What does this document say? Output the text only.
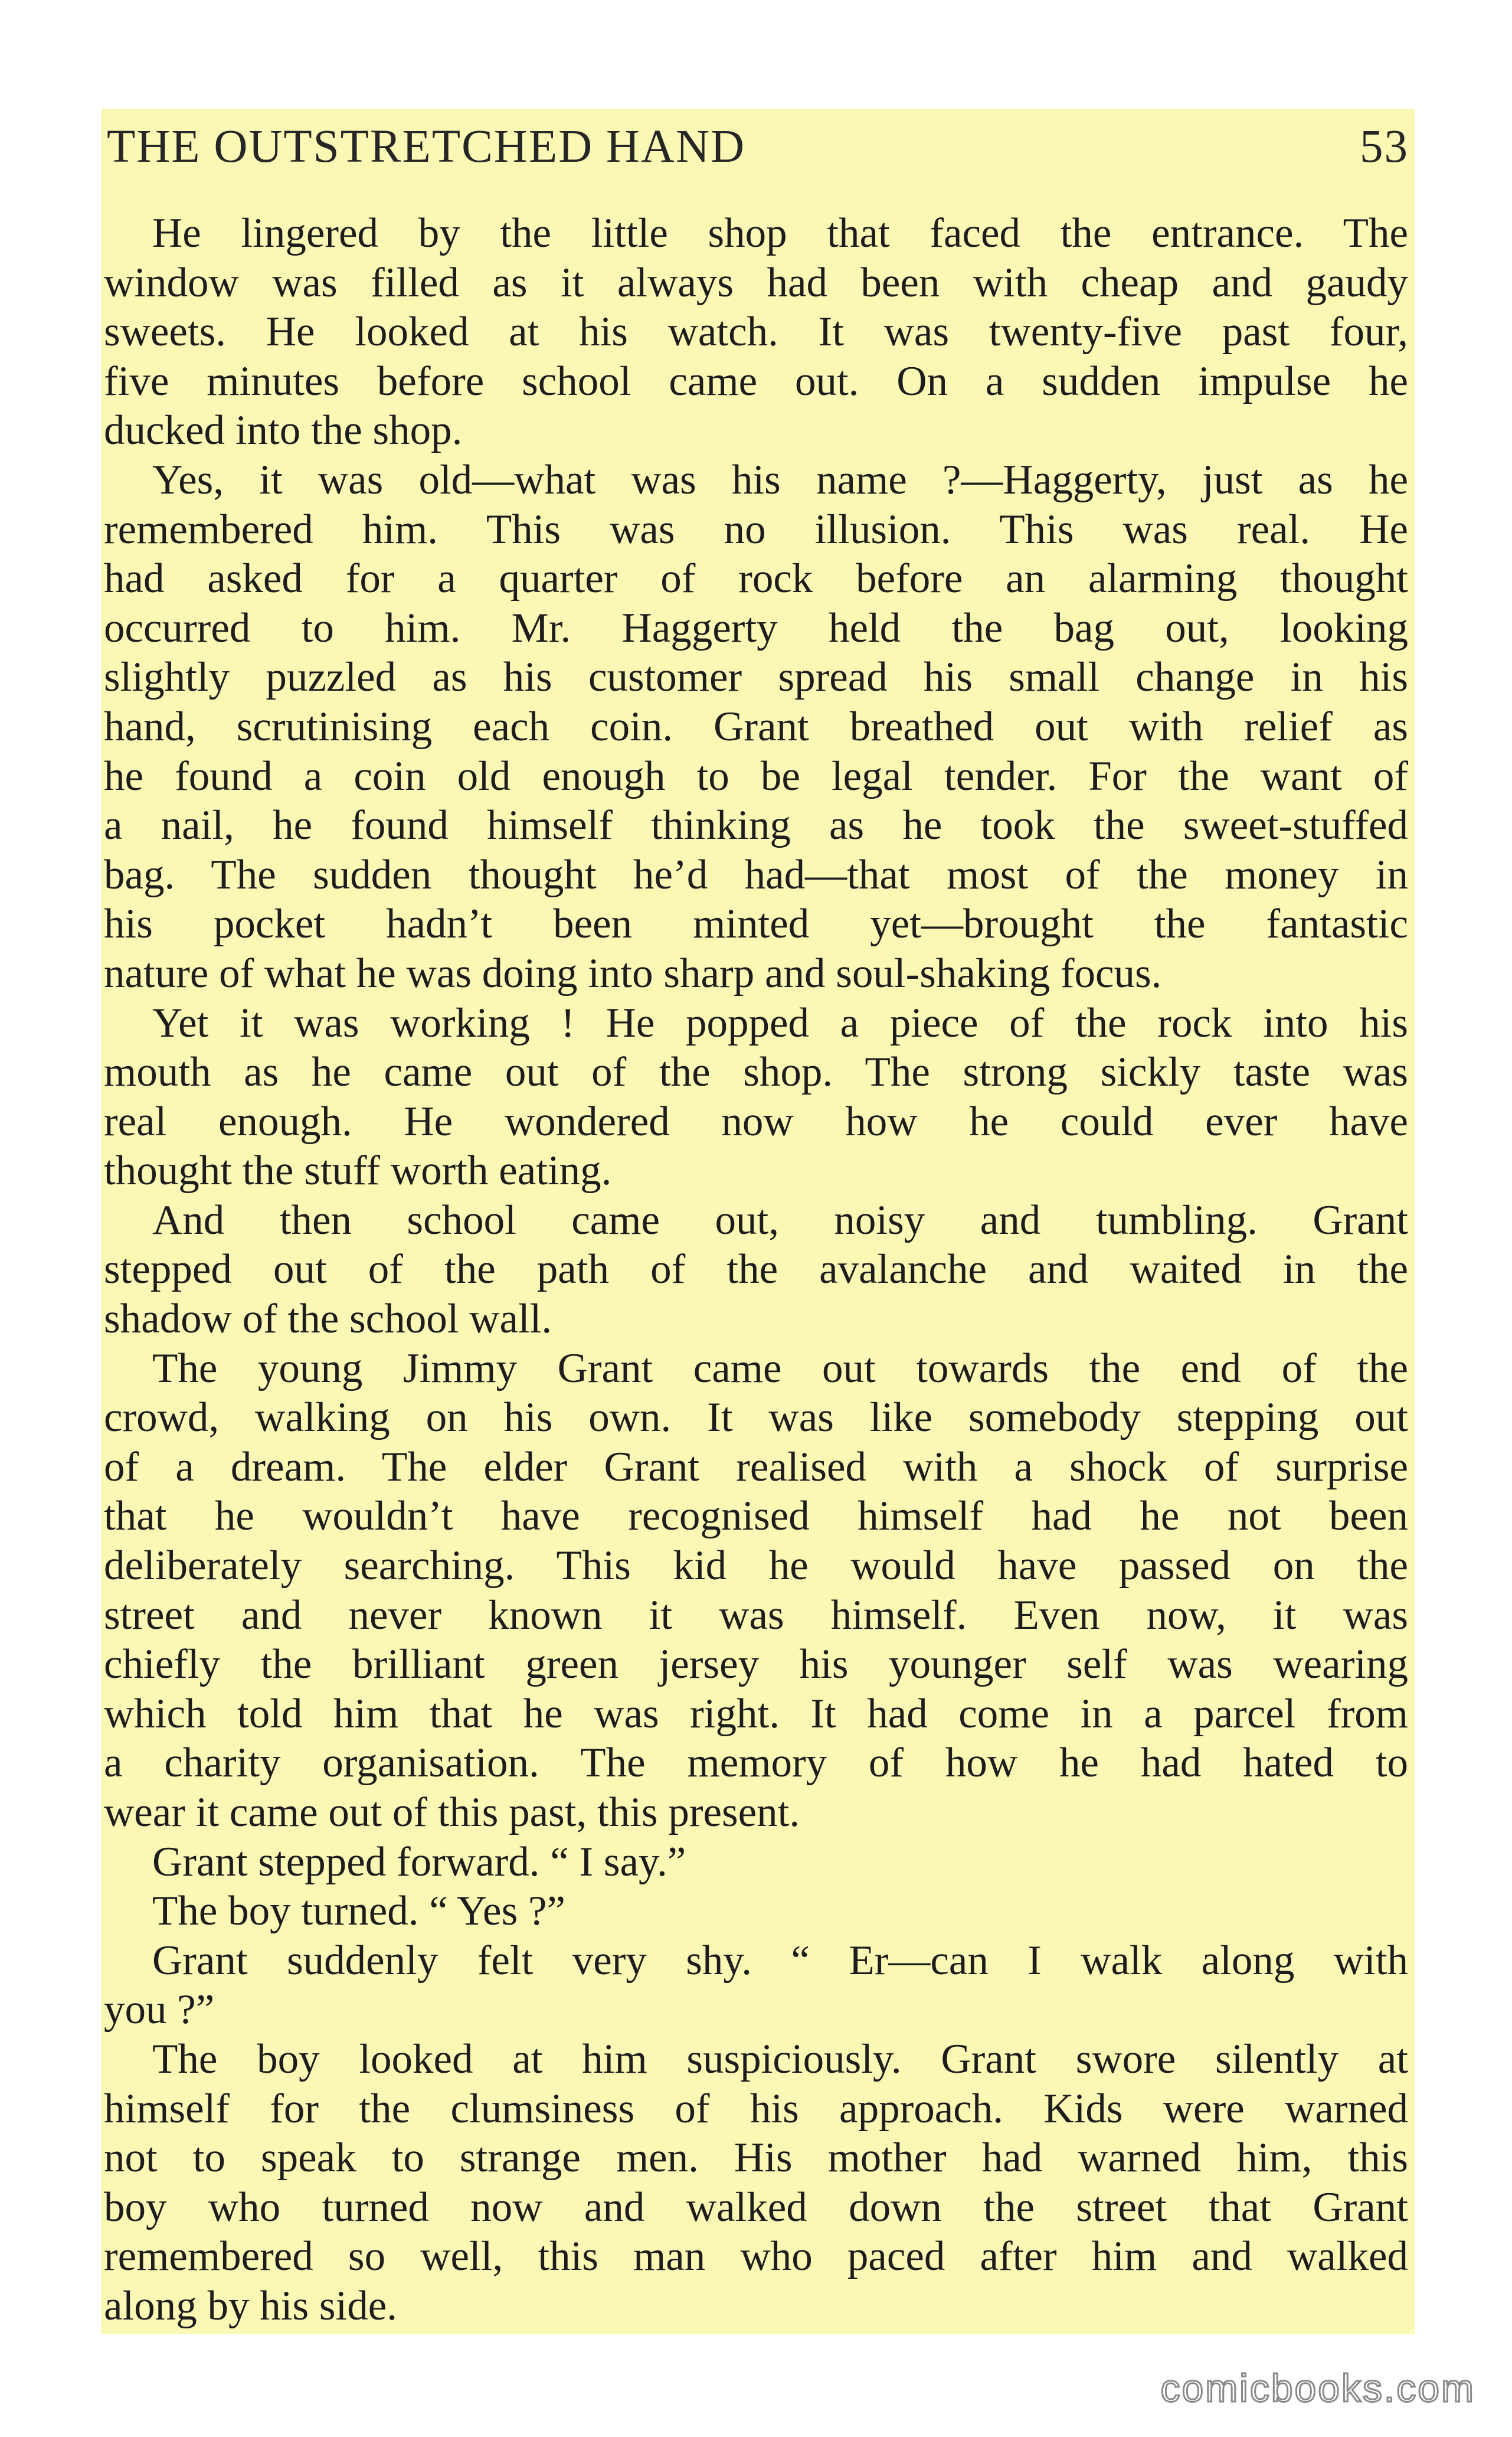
THE OUTSTRETCHED HAND	53
He lingered by the little shop that faced the entrance. The
window was filled as it always had been with cheap and gaudy
sweets. He looked at his watch. It was twenty-five past four,
five minutes before school came out. On a sudden impulse he
ducked into the shop.
Yes, it was old—what was his name ?—Haggerty, just as he
remembered him. This was no illusion. This was real. He
had asked for a quarter of rock before an alarming thought
occurred to him. Mr. Haggerty held the bag out, looking
slightly puzzled as his customer spread his small change in his
hand, scrutinising each coin. Grant breathed out with relief as
he found a coin old enough to be legal tender. For the want of
a nail, he found himself thinking as he took the sweet-stuffed
bag. The sudden thought he’d had—that most of the money in
his pocket hadn’t been minted yet—brought the fantastic
nature of what he was doing into sharp and soul-shaking focus.
Yet it was working ! He popped a piece of the rock into his
mouth as he came out of the shop. The strong sickly taste was
real enough. He wondered now how he could ever have
thought the stuff worth eating.
And then school came out, noisy and tumbling. Grant
stepped out of the path of the avalanche and waited in the
shadow of the school wall.
The young Jimmy Grant came out towards the end of the
crowd, walking on his own. It was like somebody stepping out
of a dream. The elder Grant realised with a shock of surprise
that he wouldn’t have recognised himself had he not been
deliberately searching. This kid he would have passed on the
street and never known it was himself. Even now, it was
chiefly the brilliant green jersey his younger self was wearing
which told him that he was right. It had come in a parcel from
a charity organisation. The memory of how he had hated to
wear it came out of this past, this present.
Grant stepped forward. “ I say.”
The boy turned. “ Yes ?”
Grant suddenly felt very shy. “ Er—can I walk along with
you ?”
The boy looked at him suspiciously. Grant swore silently at
himself for the clumsiness of his approach. Kids were warned
not to speak to strange men. His mother had warned him, this
boy who turned now and walked down the street that Grant
remembered so well, this man who paced after him and walked
along by his side.
comicbooks.com
